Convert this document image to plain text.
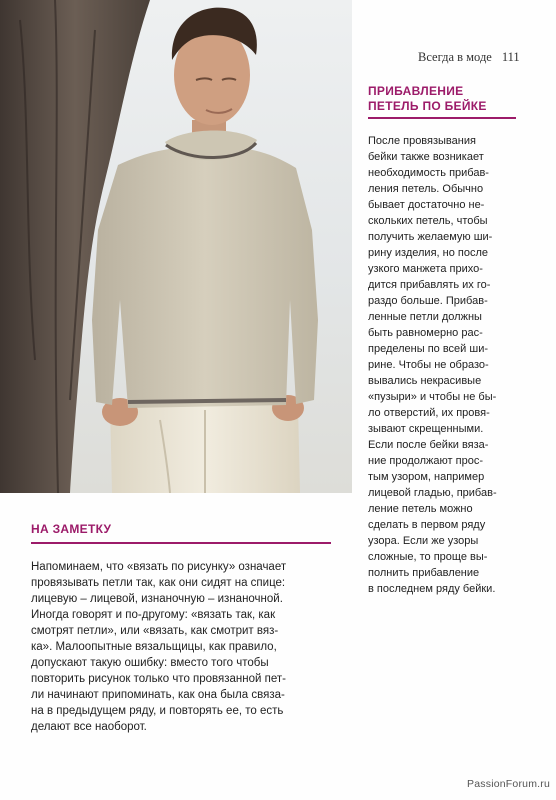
Всегда в моде 111
ПРИБАВЛЕНИЕ
ПЕТЕЛЬ ПО БЕЙКЕ

После провязывания

бейки также возникает

необходимость прибав-

ления петель. Обычно

бывает достаточно не-

скольких петель, чтобы

получить желаемую ши-

рину изделия, но после

узкого манжета прихо-

дится прибавлять их го-

раздо больше. Прибав-

ленные петли должны

быть равномерно рас-

пределены по всей ши-

рине. Чтобы не образо-

вывались некрасивые

«пузыри» и чтобы не бы-

ло отверстий, их провя-

зывают скрещенными.

Если после бейки вяза-

ние продолжают прос-

тым узором, например

лицевой гладью, прибав-

ление петель можно

сделать в первом ряду

узора. Если же узоры

сложные, то проще вы-

полнить прибавление

в последнем ряду бейки.

НА ЗАМЕТКУ

Напоминаем, что «вязать по рисунку» означает

провязывать петли так, как они сидят на спице:

лицевую – лицевой, изнаночную – изнаночной.

Иногда говорят и по-другому: «вязать так, как

смотрят петли», или «вязать, как смотрит вяз-

ка». Малоопытные вязальщицы, как правило,

допускают такую ошибку: вместо того чтобы

повторить рисунок только что провязанной пет-

ли начинают припоминать, как она была связа-

на в предыдущем ряду, и повторять ее, то есть

делают все наоборот.

PassionForum.ru
